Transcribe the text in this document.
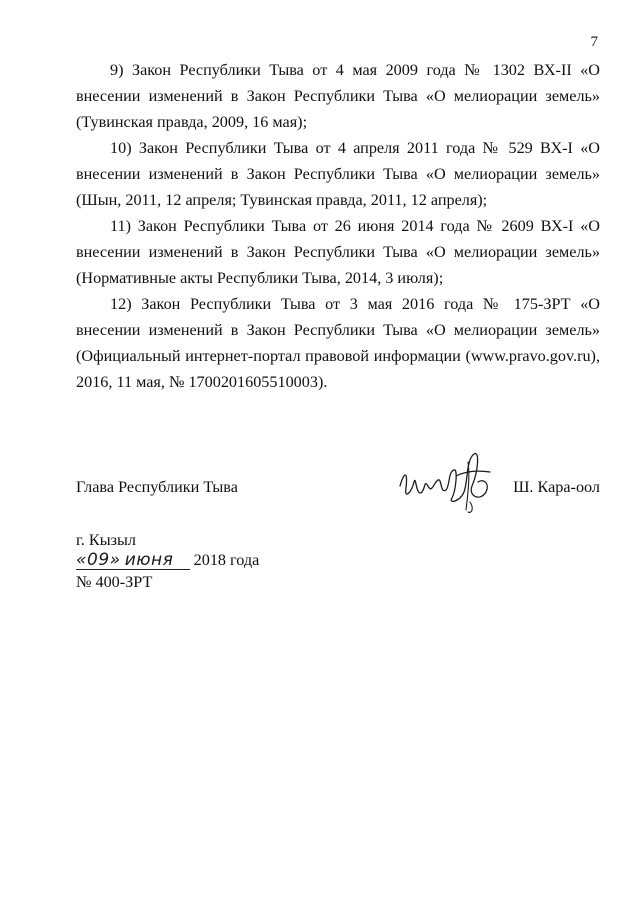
7

9) Закон Республики Тыва от 4 мая 2009 года № 1302 ВХ-II «О внесении изменений в Закон Республики Тыва «О мелиорации земель» (Тувинская правда, 2009, 16 мая);

10) Закон Республики Тыва от 4 апреля 2011 года № 529 ВХ-I «О внесении изменений в Закон Республики Тыва «О мелиорации земель» (Шын, 2011, 12 апреля; Тувинская правда, 2011, 12 апреля);

11) Закон Республики Тыва от 26 июня 2014 года № 2609 ВХ-I «О внесении изменений в Закон Республики Тыва «О мелиорации земель» (Нормативные акты Республики Тыва, 2014, 3 июля);

12) Закон Республики Тыва от 3 мая 2016 года № 175-ЗРТ «О внесении изменений в Закон Республики Тыва «О мелиорации земель» (Официальный интернет-портал правовой информации (www.pravo.gov.ru), 2016, 11 мая, № 1700201605510003).

Глава Республики Тыва	Ш. Кара-оол
г. Кызыл
«09» июня 2018 года
№ 400-ЗРТ
